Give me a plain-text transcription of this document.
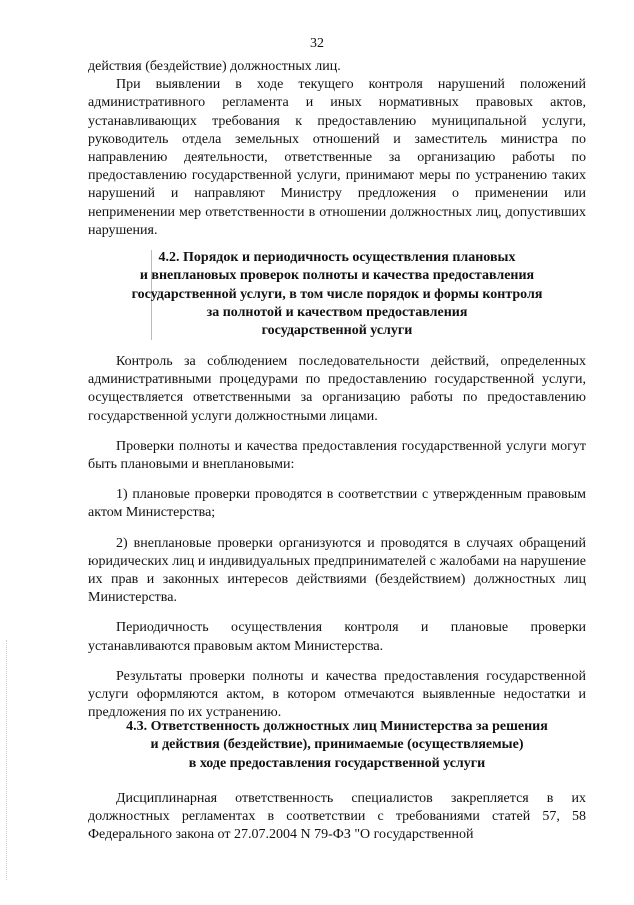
32

действия (бездействие) должностных лиц.

При выявлении в ходе текущего контроля нарушений положений административного регламента и иных нормативных правовых актов, устанавливающих требования к предоставлению муниципальной услуги, руководитель отдела земельных отношений и заместитель министра по направлению деятельности, ответственные за организацию работы по предоставлению государственной услуги, принимают меры по устранению таких нарушений и направляют Министру предложения о применении или неприменении мер ответственности в отношении должностных лиц, допустивших нарушения.

4.2. Порядок и периодичность осуществления плановых
и внеплановых проверок полноты и качества предоставления
государственной услуги, в том числе порядок и формы контроля
за полнотой и качеством предоставления
государственной услуги

Контроль за соблюдением последовательности действий, определенных административными процедурами по предоставлению государственной услуги, осуществляется ответственными за организацию работы по предоставлению государственной услуги должностными лицами.

Проверки полноты и качества предоставления государственной услуги могут быть плановыми и внеплановыми:

1) плановые проверки проводятся в соответствии с утвержденным правовым актом Министерства;

2) внеплановые проверки организуются и проводятся в случаях обращений юридических лиц и индивидуальных предпринимателей с жалобами на нарушение их прав и законных интересов действиями (бездействием) должностных лиц Министерства.

Периодичность осуществления контроля и плановые проверки устанавливаются правовым актом Министерства.

Результаты проверки полноты и качества предоставления государственной услуги оформляются актом, в котором отмечаются выявленные недостатки и предложения по их устранению.

4.3. Ответственность должностных лиц Министерства за решения
и действия (бездействие), принимаемые (осуществляемые)
в ходе предоставления государственной услуги

Дисциплинарная ответственность специалистов закрепляется в их должностных регламентах в соответствии с требованиями статей 57, 58 Федерального закона от 27.07.2004 N 79-ФЗ "О государственной
